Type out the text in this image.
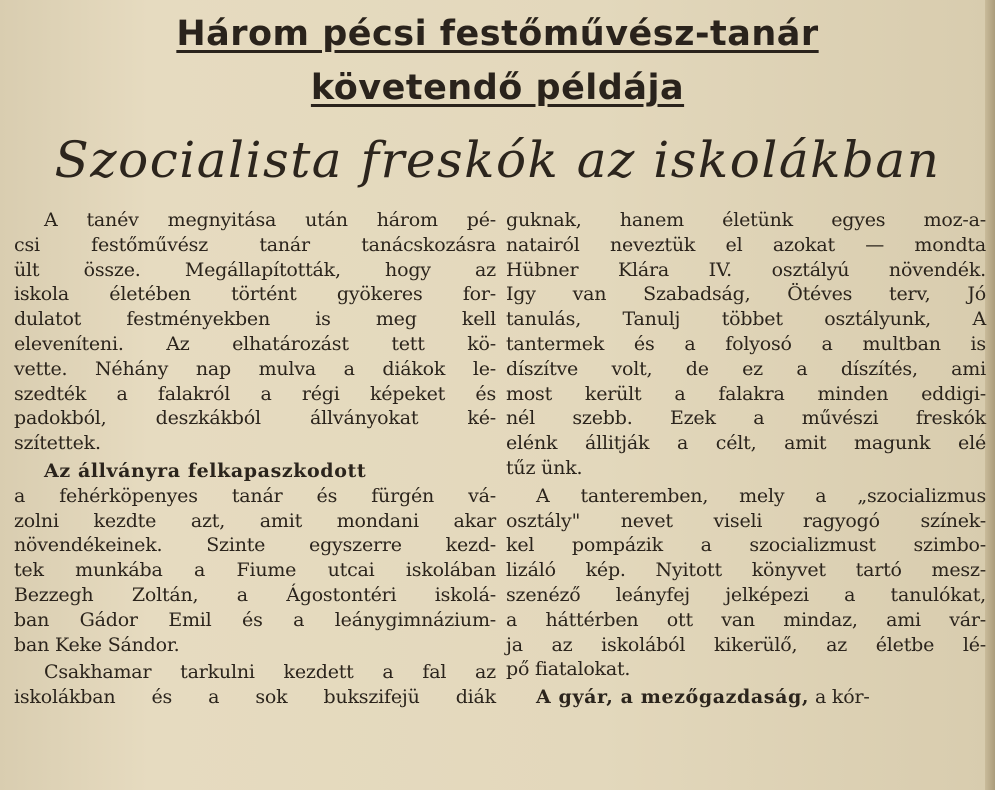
Három pécsi festőművész-tanár
követendő példája
Szocialista freskók az iskolákban

A tanév megnyitása után három pé-

csi festőművész tanár tanácskozásra

ült össze. Megállapították, hogy az

iskola életében történt gyökeres for-

dulatot festményekben is meg kell

eleveníteni. Az elhatározást tett kö-

vette. Néhány nap mulva a diákok le-

szedték a falakról a régi képeket és

padokból, deszkákból állványokat ké-

szítettek.

Az állványra felkapaszkodott

a fehérköpenyes tanár és fürgén vá-

zolni kezdte azt, amit mondani akar

növendékeinek. Szinte egyszerre kezd-

tek munkába a Fiume utcai iskolában

Bezzegh Zoltán, a Ágostontéri iskolá-

ban Gádor Emil és a leánygimnázium-

ban Keke Sándor.

Csakhamar tarkulni kezdett a fal az

iskolákban és a sok bukszifejü diák

guknak, hanem életünk egyes moz-a-

natairól neveztük el azokat — mondta

Hübner Klára IV. osztályú növendék.

Igy van Szabadság, Ötéves terv, Jó

tanulás, Tanulj többet osztályunk, A

tantermek és a folyosó a multban is

díszítve volt, de ez a díszítés, ami

most került a falakra minden eddigi-

nél szebb. Ezek a művészi freskók

elénk állitják a célt, amit magunk elé

tűz ünk.

A tanteremben, mely a „szocializmus

osztály" nevet viseli ragyogó színek-

kel pompázik a szocializmust szimbo-

lizáló kép. Nyitott könyvet tartó mesz-

szenéző leányfej jelképezi a tanulókat,

a háttérben ott van mindaz, ami vár-

ja az iskolából kikerülő, az életbe lé-

pő fiatalokat.

A gyár, a mezőgazdaság, a kór-
